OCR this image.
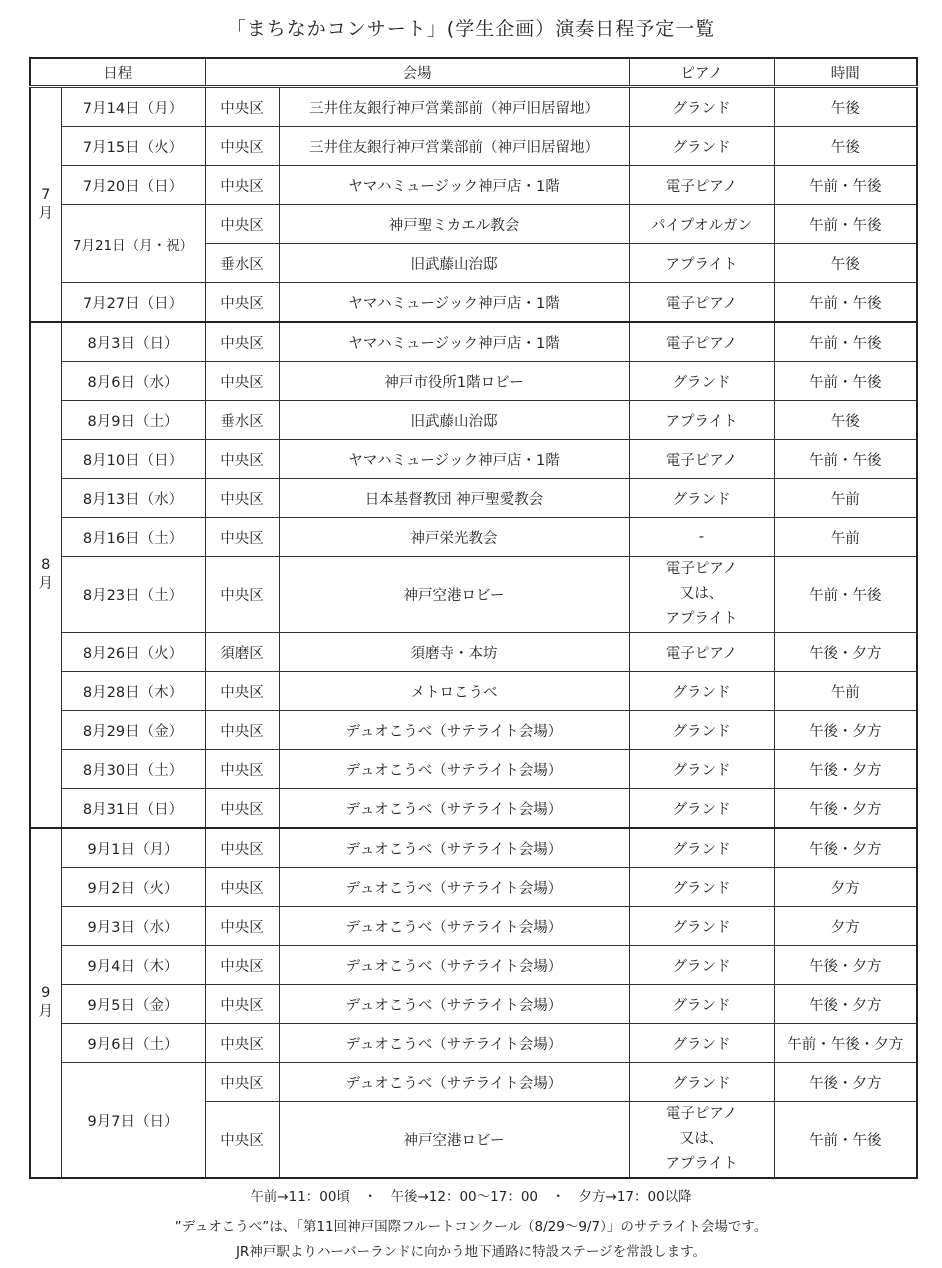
「まちなかコンサート」(学生企画）演奏日程予定一覧
日程		会場		ピアノ	時間
7
月	7月14日（月）	中央区	三井住友銀行神戸営業部前（神戸旧居留地）	グランド	午後
	7月15日（火）	中央区	三井住友銀行神戸営業部前（神戸旧居留地）	グランド	午後
	7月20日（日）	中央区	ヤマハミュージック神戸店・1階	電子ピアノ	午前・午後
	7月21日（月・祝）	中央区	神戸聖ミカエル教会	パイプオルガン	午前・午後
		垂水区	旧武藤山治邸	アプライト	午後
	7月27日（日）	中央区	ヤマハミュージック神戸店・1階	電子ピアノ	午前・午後
8
月	8月3日（日）	中央区	ヤマハミュージック神戸店・1階	電子ピアノ	午前・午後
	8月6日（水）	中央区	神戸市役所1階ロビー	グランド	午前・午後
	8月9日（土）	垂水区	旧武藤山治邸	アプライト	午後
	8月10日（日）	中央区	ヤマハミュージック神戸店・1階	電子ピアノ	午前・午後
	8月13日（水）	中央区	日本基督教団 神戸聖愛教会	グランド	午前
	8月16日（土）	中央区	神戸栄光教会	-	午前
	8月23日（土）	中央区	神戸空港ロビー	電子ピアノ
又は、
アプライト	午前・午後
	8月26日（火）	須磨区	須磨寺・本坊	電子ピアノ	午後・夕方
	8月28日（木）	中央区	メトロこうべ	グランド	午前
	8月29日（金）	中央区	デュオこうべ（サテライト会場）	グランド	午後・夕方
	8月30日（土）	中央区	デュオこうべ（サテライト会場）	グランド	午後・夕方
	8月31日（日）	中央区	デュオこうべ（サテライト会場）	グランド	午後・夕方
9
月	9月1日（月）	中央区	デュオこうべ（サテライト会場）	グランド	午後・夕方
	9月2日（火）	中央区	デュオこうべ（サテライト会場）	グランド	夕方
	9月3日（水）	中央区	デュオこうべ（サテライト会場）	グランド	夕方
	9月4日（木）	中央区	デュオこうべ（サテライト会場）	グランド	午後・夕方
	9月5日（金）	中央区	デュオこうべ（サテライト会場）	グランド	午後・夕方
	9月6日（土）	中央区	デュオこうべ（サテライト会場）	グランド	午前・午後・夕方
	9月7日（日）	中央区	デュオこうべ（サテライト会場）	グランド	午後・夕方
		中央区	神戸空港ロビー	電子ピアノ
又は、
アプライト	午前・午後
午前→11：00頃　・　午後→12：00～17：00　・　夕方→17：00以降
”デュオこうべ”は、「第11回神戸国際フルートコンクール（8/29～9/7）」のサテライト会場です。
JR神戸駅よりハーバーランドに向かう地下通路に特設ステージを常設します。
